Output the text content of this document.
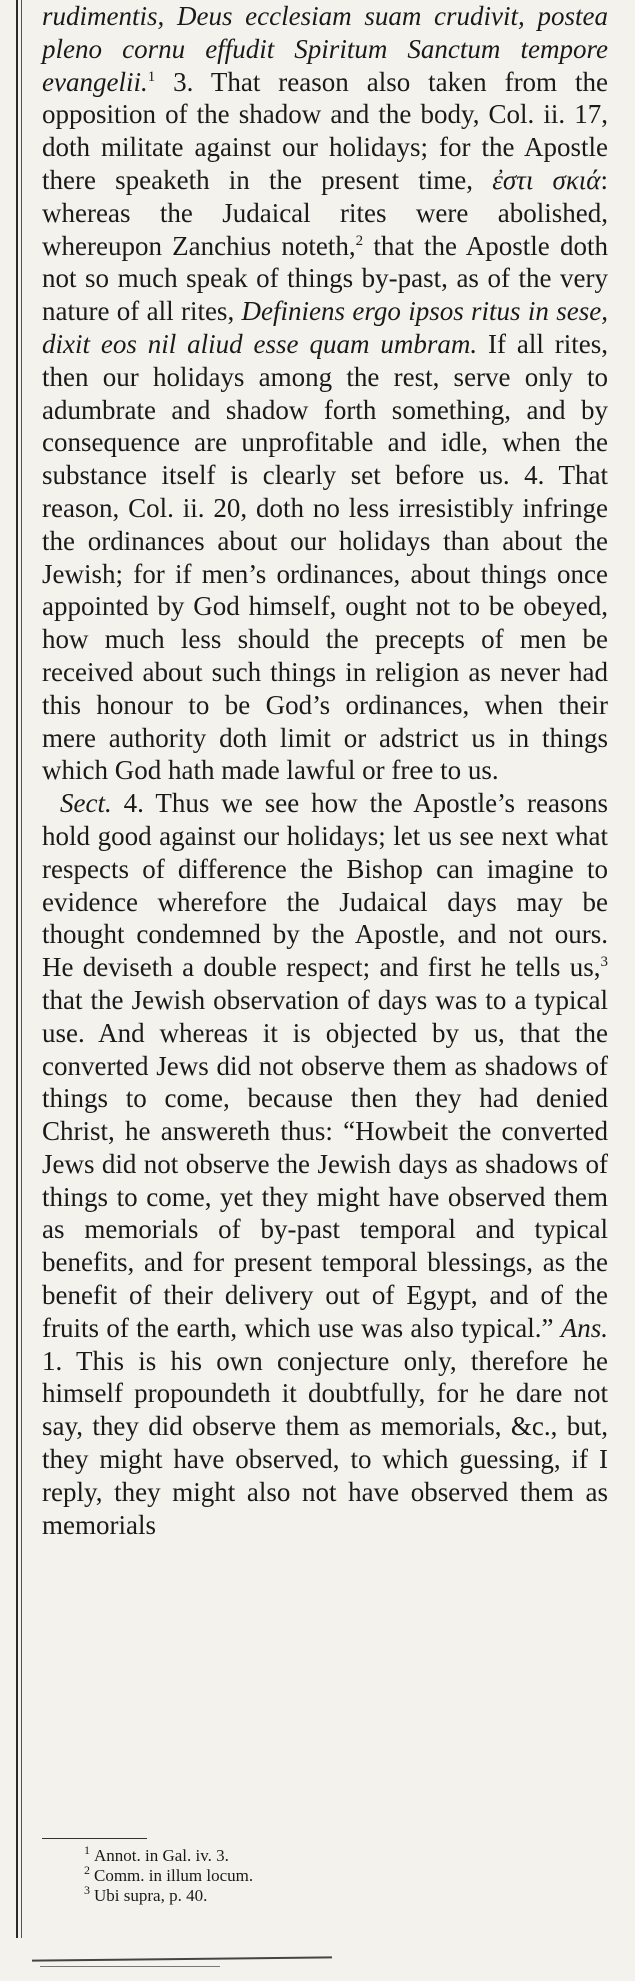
rudimentis, Deus ecclesiam suam crudivit, postea pleno cornu effudit Spiritum Sanctum tempore evangelii.$^1$ 3. That reason also taken from the opposition of the shadow and the body, Col. ii. 17, doth militate against our holidays; for the Apostle there speaketh in the present time, ἐστι σκιά: whereas the Judaical rites were abolished, whereupon Zanchius noteth,$^2$ that the Apostle doth not so much speak of things by-past, as of the very nature of all rites, Definiens ergo ipsos ritus in sese, dixit eos nil aliud esse quam umbram. If all rites, then our holidays among the rest, serve only to adumbrate and shadow forth something, and by consequence are unprofitable and idle, when the substance itself is clearly set before us. 4. That reason, Col. ii. 20, doth no less irresistibly infringe the ordinances about our holidays than about the Jewish; for if men’s ordinances, about things once appointed by God himself, ought not to be obeyed, how much less should the precepts of men be received about such things in religion as never had this honour to be God’s ordinances, when their mere authority doth limit or adstrict us in things which God hath made lawful or free to us.

Sect. 4. Thus we see how the Apostle’s reasons hold good against our holidays; let us see next what respects of difference the Bishop can imagine to evidence wherefore the Judaical days may be thought condemned by the Apostle, and not ours. He deviseth a double respect; and first he tells us,$^3$ that the Jewish observation of days was to a typical use. And whereas it is objected by us, that the converted Jews did not observe them as shadows of things to come, because then they had denied Christ, he answereth thus: “Howbeit the converted Jews did not observe the Jewish days as shadows of things to come, yet they might have observed them as memorials of by-past temporal and typical benefits, and for present temporal blessings, as the benefit of their delivery out of Egypt, and of the fruits of the earth, which use was also typical.” Ans. 1. This is his own conjecture only, therefore he himself propoundeth it doubtfully, for he dare not say, they did observe them as memorials, &c., but, they might have observed, to which guessing, if I reply, they might also not have observed them as memorials

$^1$ Annot. in Gal. iv. 3.
$^2$ Comm. in illum locum.
$^3$ Ubi supra, p. 40.
